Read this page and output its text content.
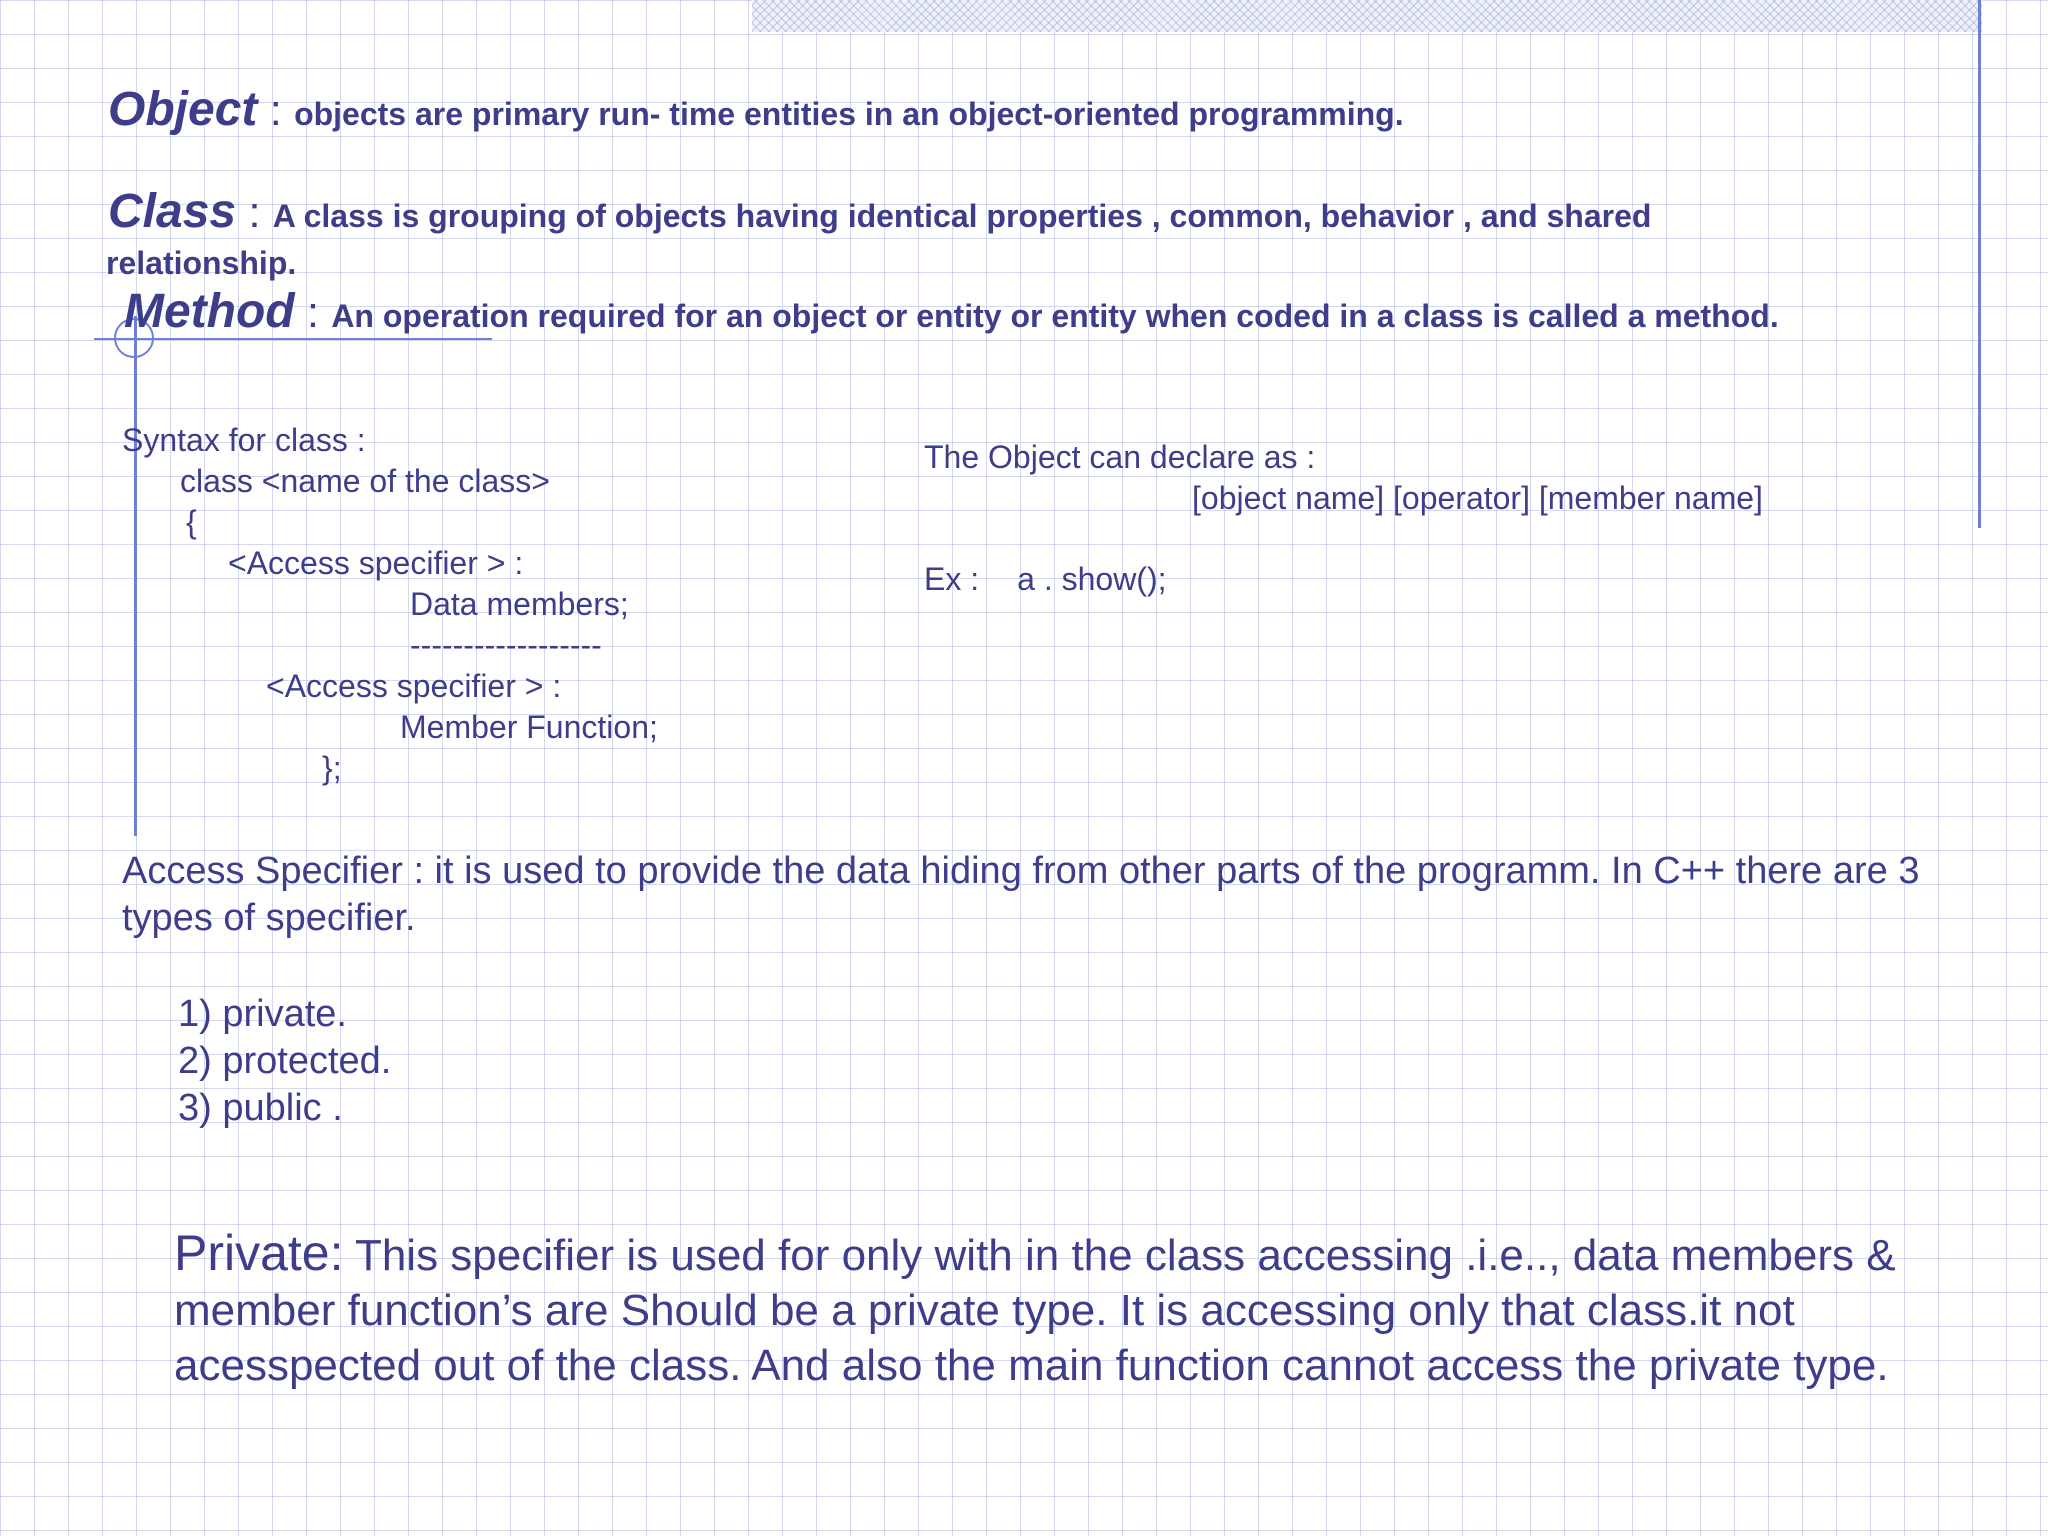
Object : objects are primary run- time entities in an object-oriented programming.
Class : A class is grouping of objects having identical properties , common, behavior , and shared
relationship.
Method : An operation required for an object or entity or entity when coded in a class is called a method.
Syntax for class :
class <name of the class>
{
<Access specifier > :
Data members;
------------------
<Access specifier > :
Member Function;
};
The Object can declare as :
[object name] [operator] [member name]
Ex : a . show();
Access Specifier : it is used to provide the data hiding from other parts of the programm. In C++ there are 3 types of specifier.
1) private.
2) protected.
3) public .
Private: This specifier is used for only with in the class accessing .i.e.., data members & member function’s are Should be a private type. It is accessing only that class.it not acesspected out of the class. And also the main function cannot access the private type.
